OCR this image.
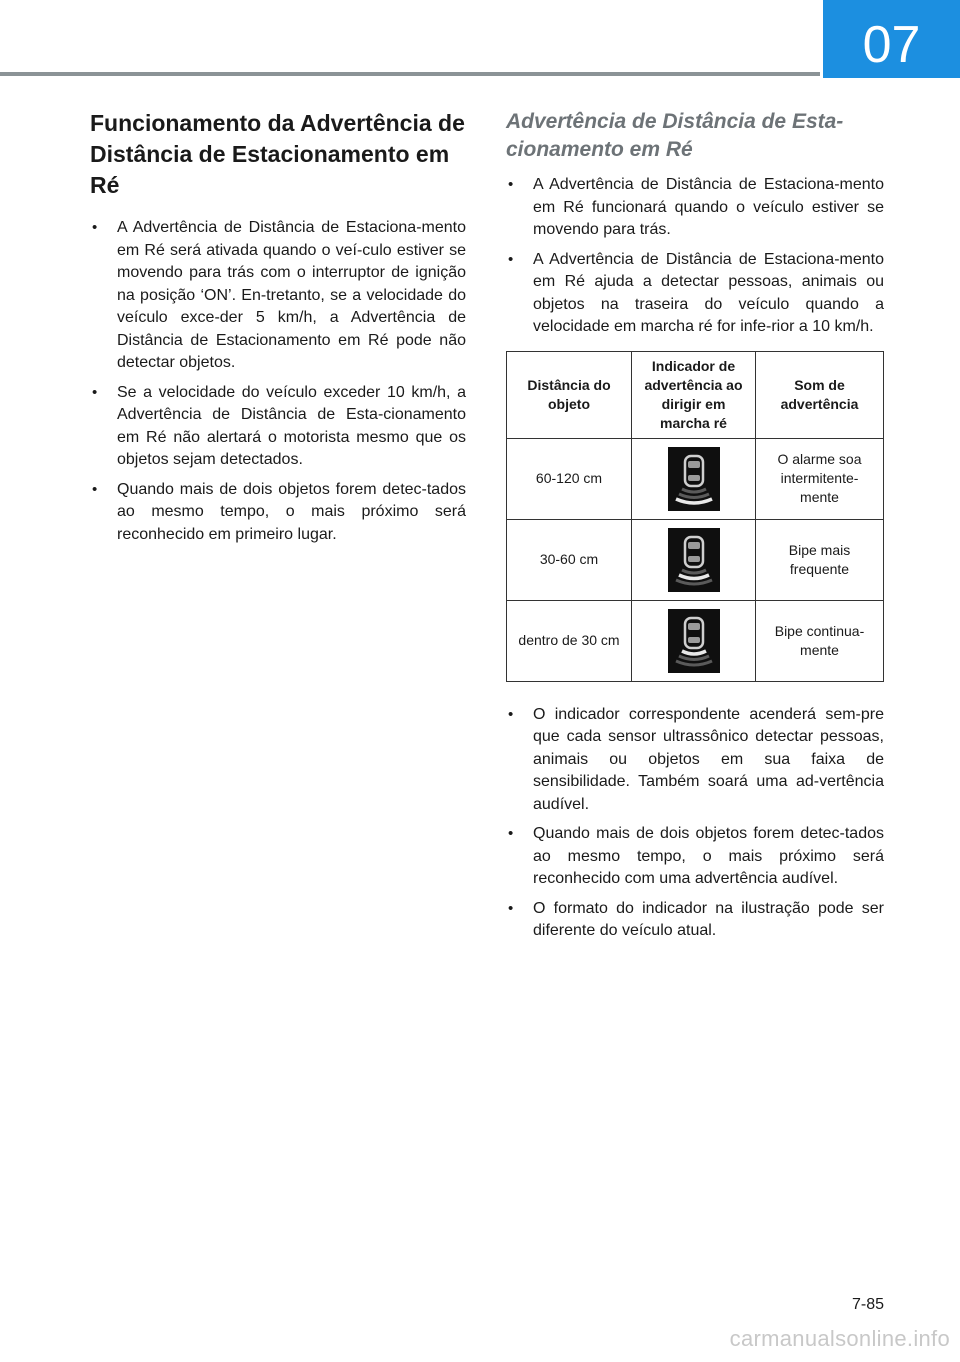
07
Funcionamento da Advertência de Distância de Estacionamento em Ré
• A Advertência de Distância de Estaciona-mento em Ré será ativada quando o veí-culo estiver se movendo para trás com o interruptor de ignição na posição ‘ON’. En-tretanto, se a velocidade do veículo exce-der 5 km/h, a Advertência de Distância de Estacionamento em Ré pode não detectar objetos.
• Se a velocidade do veículo exceder 10 km/h, a Advertência de Distância de Esta-cionamento em Ré não alertará o motorista mesmo que os objetos sejam detectados.
• Quando mais de dois objetos forem detec-tados ao mesmo tempo, o mais próximo será reconhecido em primeiro lugar.
Advertência de Distância de Esta-cionamento em Ré
• A Advertência de Distância de Estaciona-mento em Ré funcionará quando o veículo estiver se movendo para trás.
• A Advertência de Distância de Estaciona-mento em Ré ajuda a detectar pessoas, animais ou objetos na traseira do veículo quando a velocidade em marcha ré for infe-rior a 10 km/h.
Distância do objeto	Indicador de advertência ao dirigir em marcha ré	Som de advertência
60-120 cm		O alarme soa intermitente-mente
30-60 cm		Bipe mais frequente
dentro de 30 cm		Bipe continua-mente
• O indicador correspondente acenderá sem-pre que cada sensor ultrassônico detectar pessoas, animais ou objetos em sua faixa de sensibilidade. Também soará uma ad-vertência audível.
• Quando mais de dois objetos forem detec-tados ao mesmo tempo, o mais próximo será reconhecido com uma advertência audível.
• O formato do indicador na ilustração pode ser diferente do veículo atual.
7-85
carmanualsonline.info
